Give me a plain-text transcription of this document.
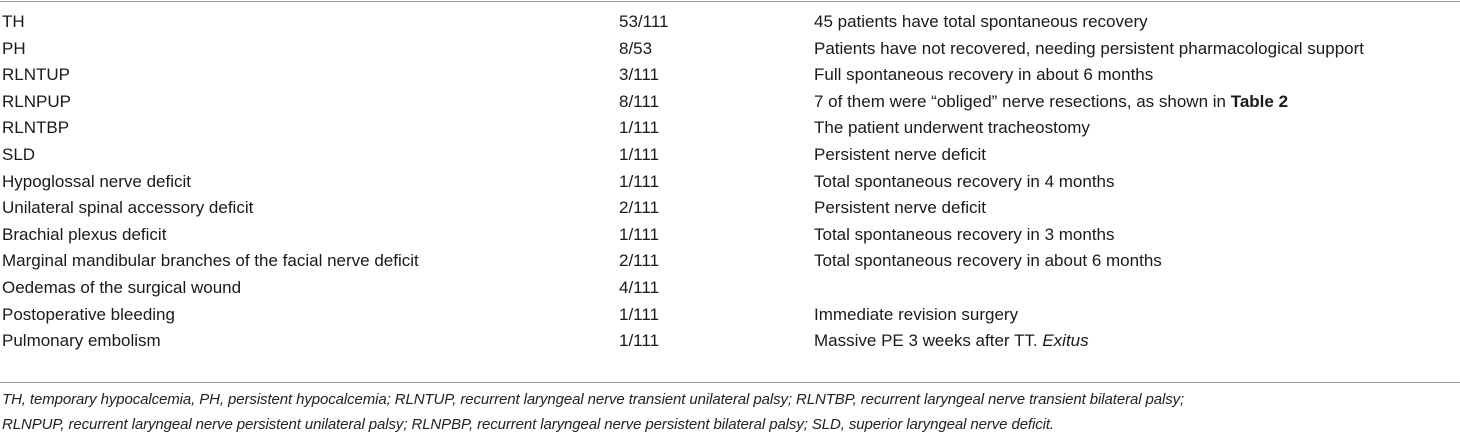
TH	53/111	45 patients have total spontaneous recovery
PH	8/53	Patients have not recovered, needing persistent pharmacological support
RLNTUP	3/111	Full spontaneous recovery in about 6 months
RLNPUP	8/111	7 of them were “obliged” nerve resections, as shown in Table 2
RLNTBP	1/111	The patient underwent tracheostomy
SLD	1/111	Persistent nerve deficit
Hypoglossal nerve deficit	1/111	Total spontaneous recovery in 4 months
Unilateral spinal accessory deficit	2/111	Persistent nerve deficit
Brachial plexus deficit	1/111	Total spontaneous recovery in 3 months
Marginal mandibular branches of the facial nerve deficit	2/111	Total spontaneous recovery in about 6 months
Oedemas of the surgical wound	4/111
Postoperative bleeding	1/111	Immediate revision surgery
Pulmonary embolism	1/111	Massive PE 3 weeks after TT. Exitus
TH, temporary hypocalcemia, PH, persistent hypocalcemia; RLNTUP, recurrent laryngeal nerve transient unilateral palsy; RLNTBP, recurrent laryngeal nerve transient bilateral palsy;
RLNPUP, recurrent laryngeal nerve persistent unilateral palsy; RLNPBP, recurrent laryngeal nerve persistent bilateral palsy; SLD, superior laryngeal nerve deficit.
